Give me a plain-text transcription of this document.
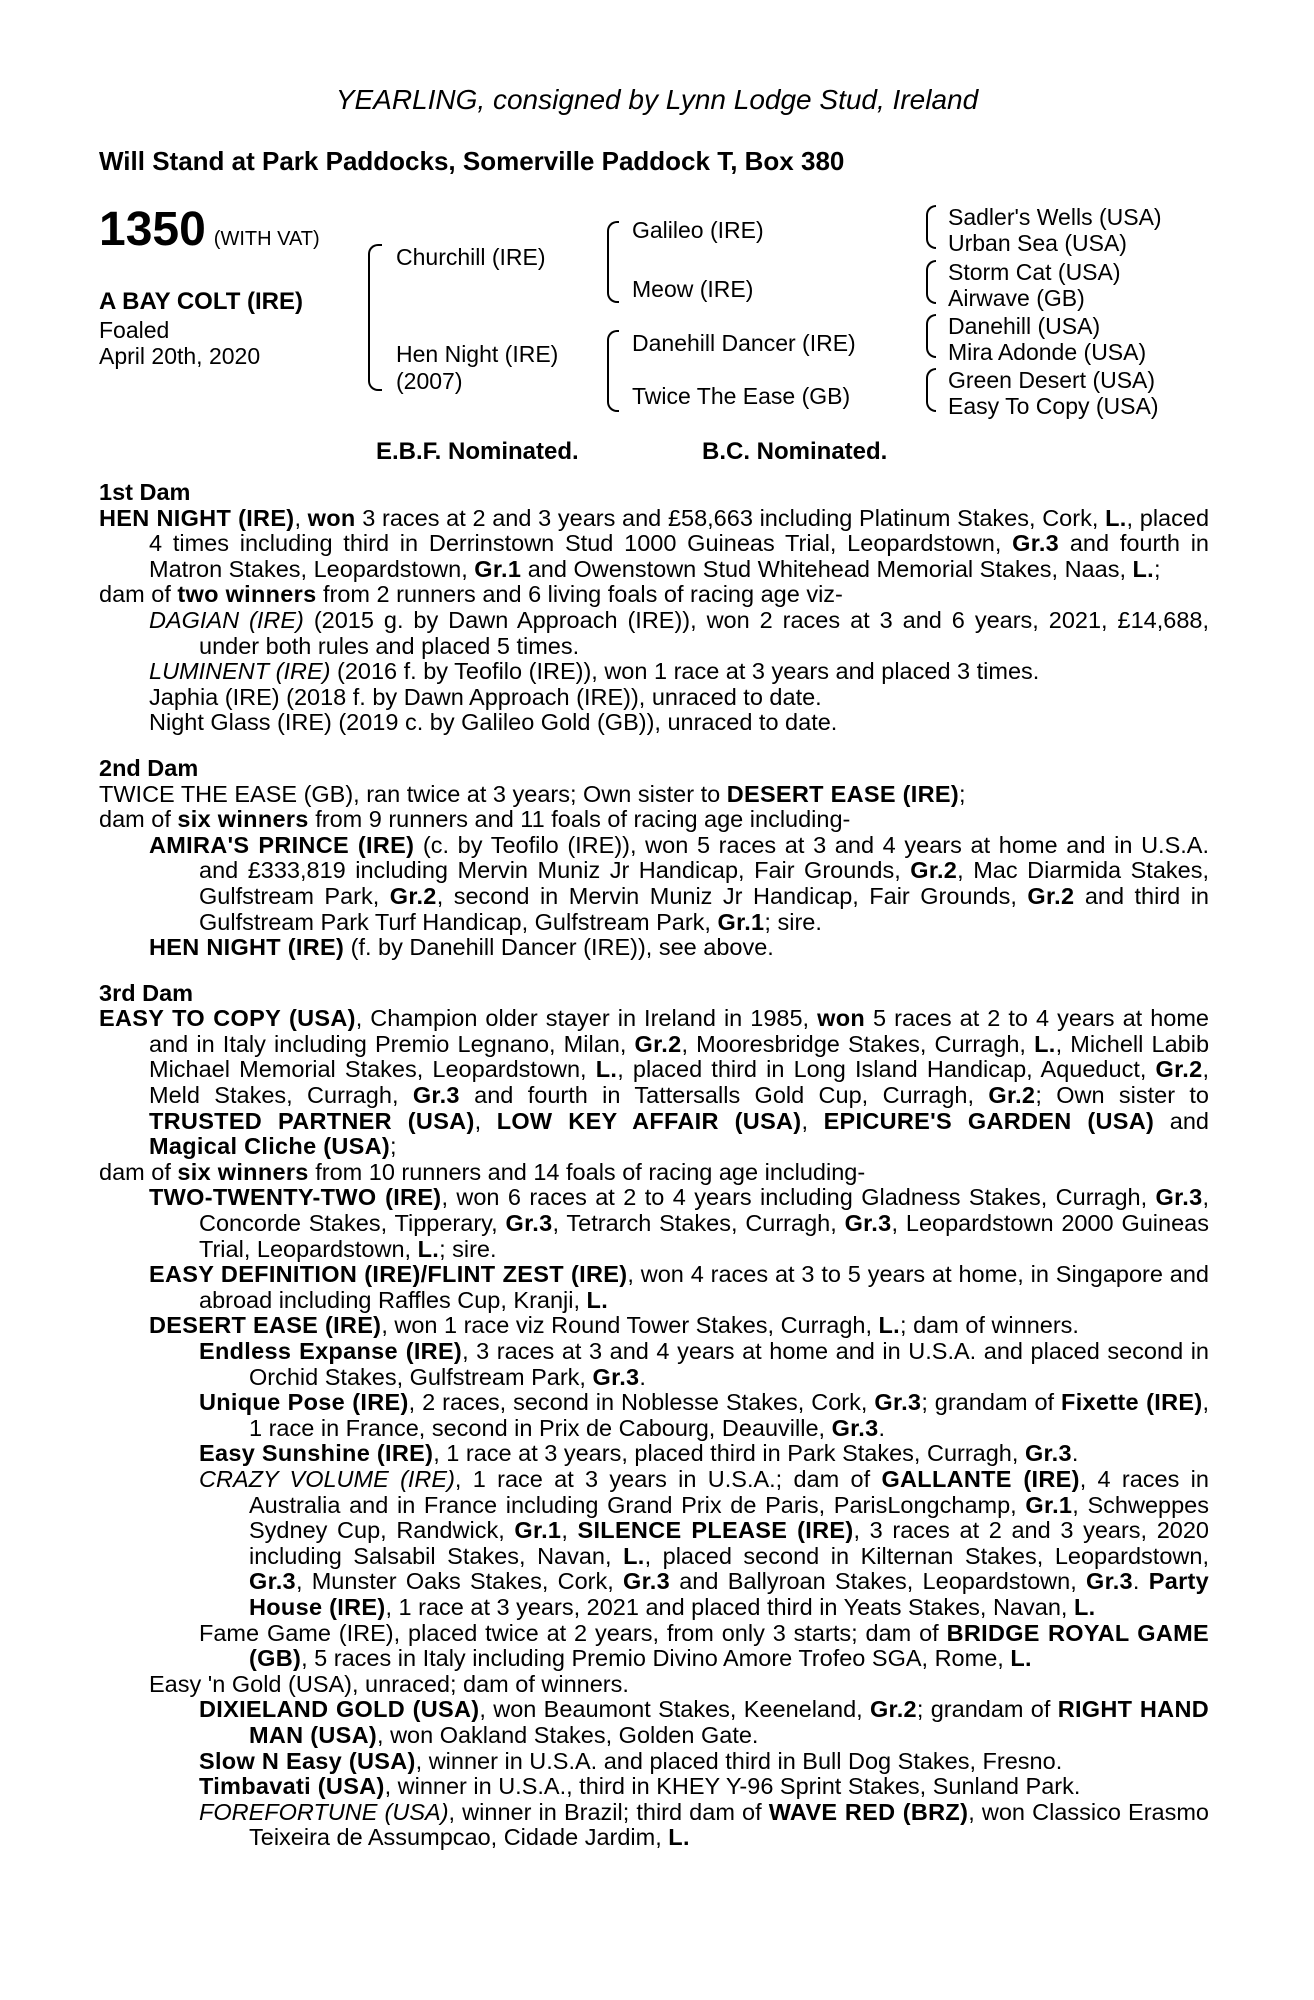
YEARLING, consigned by Lynn Lodge Stud, Ireland
Will Stand at Park Paddocks, Somerville Paddock T, Box 380
1350 (WITH VAT)
A BAY COLT (IRE)
Foaled
April 20th, 2020
Churchill (IRE)
Hen Night (IRE)
(2007)
Galileo (IRE)
Meow (IRE)
Danehill Dancer (IRE)
Twice The Ease (GB)
Sadler's Wells (USA)
Urban Sea (USA)
Storm Cat (USA)
Airwave (GB)
Danehill (USA)
Mira Adonde (USA)
Green Desert (USA)
Easy To Copy (USA)
E.B.F. Nominated.	B.C. Nominated.

1st Dam

HEN NIGHT (IRE), won 3 races at 2 and 3 years and £58,663 including Platinum Stakes, Cork, L., placed 4 times including third in Derrinstown Stud 1000 Guineas Trial, Leopardstown, Gr.3 and fourth in Matron Stakes, Leopardstown, Gr.1 and Owenstown Stud Whitehead Memorial Stakes, Naas, L.;

dam of two winners from 2 runners and 6 living foals of racing age viz-

DAGIAN (IRE) (2015 g. by Dawn Approach (IRE)), won 2 races at 3 and 6 years, 2021, £14,688, under both rules and placed 5 times.

LUMINENT (IRE) (2016 f. by Teofilo (IRE)), won 1 race at 3 years and placed 3 times.

Japhia (IRE) (2018 f. by Dawn Approach (IRE)), unraced to date.

Night Glass (IRE) (2019 c. by Galileo Gold (GB)), unraced to date.

2nd Dam

TWICE THE EASE (GB), ran twice at 3 years; Own sister to DESERT EASE (IRE);

dam of six winners from 9 runners and 11 foals of racing age including-

AMIRA'S PRINCE (IRE) (c. by Teofilo (IRE)), won 5 races at 3 and 4 years at home and in U.S.A. and £333,819 including Mervin Muniz Jr Handicap, Fair Grounds, Gr.2, Mac Diarmida Stakes, Gulfstream Park, Gr.2, second in Mervin Muniz Jr Handicap, Fair Grounds, Gr.2 and third in Gulfstream Park Turf Handicap, Gulfstream Park, Gr.1; sire.

HEN NIGHT (IRE) (f. by Danehill Dancer (IRE)), see above.

3rd Dam

EASY TO COPY (USA), Champion older stayer in Ireland in 1985, won 5 races at 2 to 4 years at home and in Italy including Premio Legnano, Milan, Gr.2, Mooresbridge Stakes, Curragh, L., Michell Labib Michael Memorial Stakes, Leopardstown, L., placed third in Long Island Handicap, Aqueduct, Gr.2, Meld Stakes, Curragh, Gr.3 and fourth in Tattersalls Gold Cup, Curragh, Gr.2; Own sister to TRUSTED PARTNER (USA), LOW KEY AFFAIR (USA), EPICURE'S GARDEN (USA) and Magical Cliche (USA);

dam of six winners from 10 runners and 14 foals of racing age including-

TWO-TWENTY-TWO (IRE), won 6 races at 2 to 4 years including Gladness Stakes, Curragh, Gr.3, Concorde Stakes, Tipperary, Gr.3, Tetrarch Stakes, Curragh, Gr.3, Leopardstown 2000 Guineas Trial, Leopardstown, L.; sire.

EASY DEFINITION (IRE)/FLINT ZEST (IRE), won 4 races at 3 to 5 years at home, in Singapore and abroad including Raffles Cup, Kranji, L.

DESERT EASE (IRE), won 1 race viz Round Tower Stakes, Curragh, L.; dam of winners.

Endless Expanse (IRE), 3 races at 3 and 4 years at home and in U.S.A. and placed second in Orchid Stakes, Gulfstream Park, Gr.3.

Unique Pose (IRE), 2 races, second in Noblesse Stakes, Cork, Gr.3; grandam of Fixette (IRE), 1 race in France, second in Prix de Cabourg, Deauville, Gr.3.

Easy Sunshine (IRE), 1 race at 3 years, placed third in Park Stakes, Curragh, Gr.3.

CRAZY VOLUME (IRE), 1 race at 3 years in U.S.A.; dam of GALLANTE (IRE), 4 races in Australia and in France including Grand Prix de Paris, ParisLongchamp, Gr.1, Schweppes Sydney Cup, Randwick, Gr.1, SILENCE PLEASE (IRE), 3 races at 2 and 3 years, 2020 including Salsabil Stakes, Navan, L., placed second in Kilternan Stakes, Leopardstown, Gr.3, Munster Oaks Stakes, Cork, Gr.3 and Ballyroan Stakes, Leopardstown, Gr.3. Party House (IRE), 1 race at 3 years, 2021 and placed third in Yeats Stakes, Navan, L.

Fame Game (IRE), placed twice at 2 years, from only 3 starts; dam of BRIDGE ROYAL GAME (GB), 5 races in Italy including Premio Divino Amore Trofeo SGA, Rome, L.

Easy 'n Gold (USA), unraced; dam of winners.

DIXIELAND GOLD (USA), won Beaumont Stakes, Keeneland, Gr.2; grandam of RIGHT HAND MAN (USA), won Oakland Stakes, Golden Gate.

Slow N Easy (USA), winner in U.S.A. and placed third in Bull Dog Stakes, Fresno.

Timbavati (USA), winner in U.S.A., third in KHEY Y-96 Sprint Stakes, Sunland Park.

FOREFORTUNE (USA), winner in Brazil; third dam of WAVE RED (BRZ), won Classico Erasmo Teixeira de Assumpcao, Cidade Jardim, L.
